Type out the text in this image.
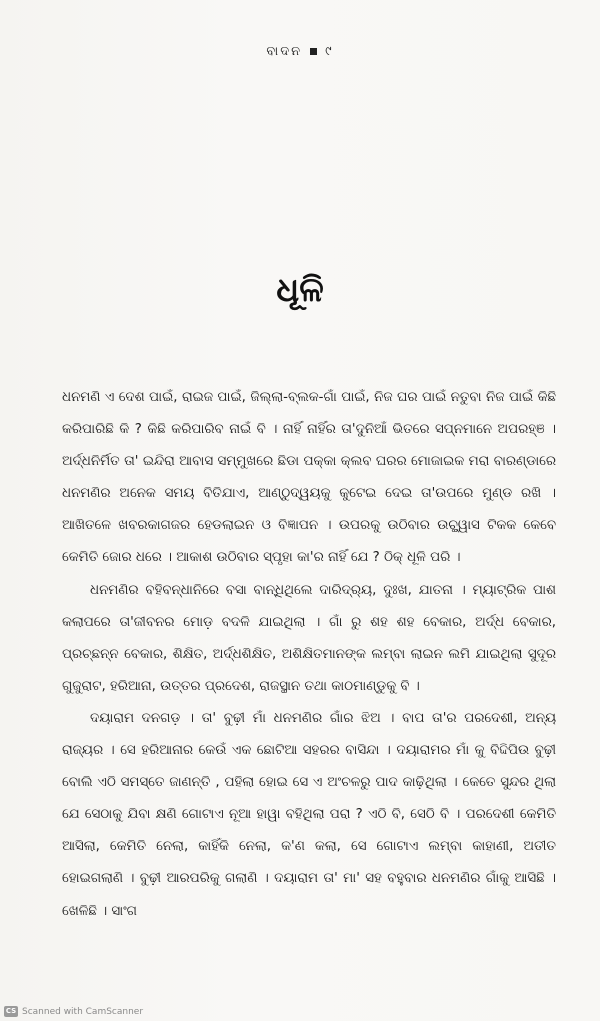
ବାଦନ ୯
ଧୂଳି

ଧନମଣି ଏ ଦେଶ ପାଇଁ, ରାଇଜ ପାଇଁ, ଜିଲ୍ଲା-ବ୍ଲକ-ଗାଁ ପାଇଁ, ନିଜ ଘର ପାଇଁ ନତୁବା ନିଜ ପାଇଁ କିଛି କରିପାରିଛି କି ? କିଛି କରିପାରିବ ନାଇଁ ବି । ନାହିଁ ନାହିଁର ତା'ଦୁନିଆଁ ଭିତରେ ସପ୍ନମାନେ ଅପରହ୍ଞ । ଅର୍ଦ୍ଧନିର୍ମିତ ତା' ଇନ୍ଦିରା ଆବାସ ସମ୍ମୁଖରେ ଛିଡା ପକ୍କା କ୍ଲବ ଘରର ମୋଜାଇକ ମରା ବାରଣ୍ଡାରେ ଧନମଣିର ଅନେକ ସମୟ ବିତିଯାଏ, ଆଣ୍ଠୁଦ୍ୱୟକୁ କୁଟେଇ ଦେଇ ତା'ଉପରେ ମୁଣ୍ଡ ରଖି । ଆଖିତଳେ ଖବରକାଗଜର ହେଡଲାଇନ ଓ ବିଜ୍ଞାପନ । ଉପରକୁ ଉଠିବାର ଉଚ୍ଛ୍ୱାସ ଟିକକ କେବେ କେମିତି ଜୋର ଧରେ । ଆକାଶ ଉଠିବାର ସ୍ପୃହା କା'ର ନାହିଁ ଯେ ? ଠିକ୍ ଧୂଳି ପରି ।

ଧନମଣିର ବହିବନ୍ଧାନିରେ ବସା ବାନ୍ଧିଥିଲେ ଦାରିଦ୍ର୍ୟ, ଦୁଃଖ, ଯାତନା । ମ୍ୟାଟ୍ରିକ ପାଶ କଲାପରେ ତା'ଜୀବନର ମୋଡ଼ ବଦଳି ଯାଇଥିଲା । ଗାଁ ରୁ ଶହ ଶହ ବେକାର, ଅର୍ଦ୍ଧ ବେକାର, ପ୍ରଚ୍ଛନ୍ନ ବେକାର, ଶିକ୍ଷିତ, ଅର୍ଦ୍ଧଶିକ୍ଷିତ, ଅଶିକ୍ଷିତମାନଙ୍କ ଲମ୍ବା ଲାଇନ ଲମି ଯାଇଥିଲା ସୁଦୂର ଗୁଜୁରାଟ, ହରିଆନା, ଉତ୍ତର ପ୍ରଦେଶ, ରାଜସ୍ଥାନ ତଥା କାଠମାଣ୍ଡୁକୁ ବି ।

ଦୟାରାମ ଦନଗଡ଼ । ତା' ବୁଢ଼ୀ ମାଁ ଧନମଣିର ଗାଁର ଝିଅ । ବାପ ତା'ର ପରଦେଶୀ, ଅନ୍ୟ ରାଜ୍ୟର । ସେ ହରିଆନାର କେଉଁ ଏକ ଛୋଟିଆ ସହରର ବାସିନ୍ଦା । ଦୟାରାମର ମାଁ କୁ ବିଦ୍ଦିପିଉ ବୁଢ଼ୀ ବୋଲି ଏଠି ସମସ୍ତେ ଜାଣନ୍ତି , ପହିଲା ହୋଇ ସେ ଏ ଅଂଚଳରୁ ପାଦ କାଢ଼ିଥିଲା । କେତେ ସୁନ୍ଦର ଥିଲା ଯେ ସେଠାକୁ ଯିବା କ୍ଷଣି ଗୋଟାଏ ନୂଆ ହାୱା ବହିଥିଲା ପରା ? ଏଠି ବି, ସେଠି ବି । ପରଦେଶୀ କେମିତି ଆସିଲା, କେମିତି ନେଲା, କାହିଁକି ନେଲା, କ'ଣ କଲା, ସେ ଗୋଟାଏ ଲମ୍ବା କାହାଣୀ, ଅତୀତ ହୋଇଗଲାଣି । ବୁଢ଼ୀ ଆରପରିକୁ ଗଲାଣି । ଦୟାରାମ ତା' ମା' ସହ ବହୁବାର ଧନମଣିର ଗାଁକୁ ଆସିଛି । ଖେଳିଛି । ସାଂଗ

CS Scanned with CamScanner
